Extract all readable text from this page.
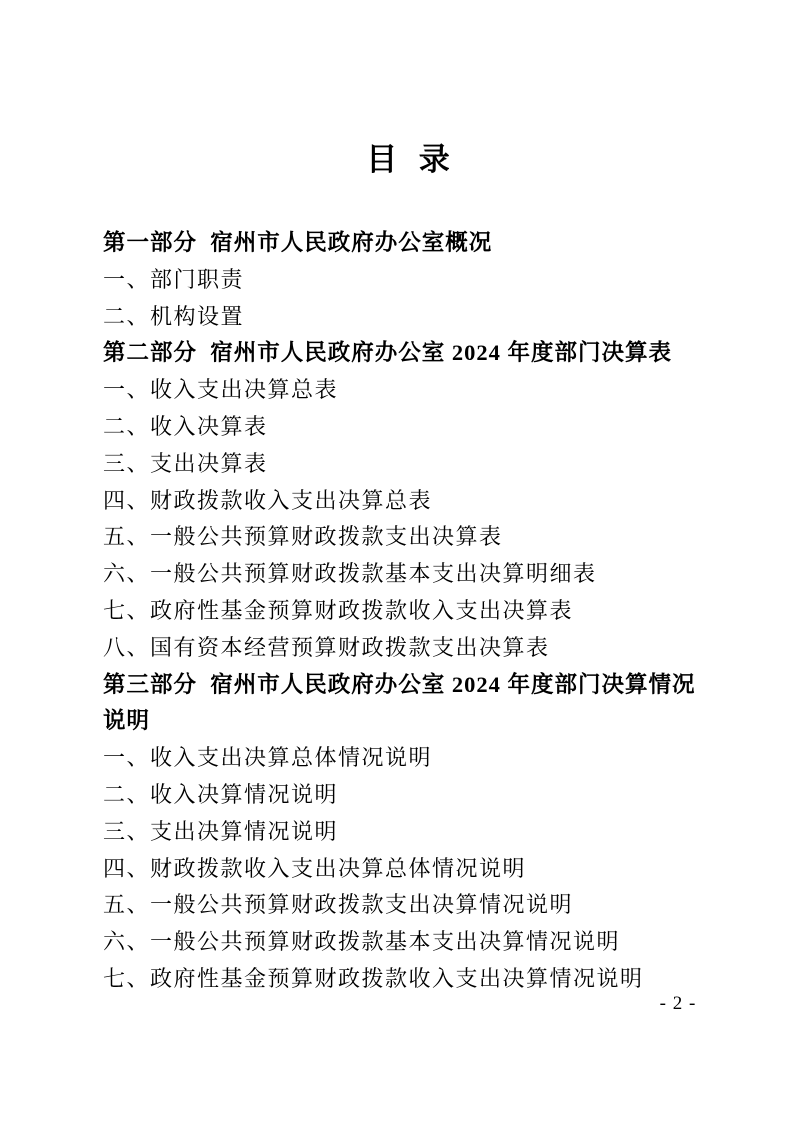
目  录
第一部分  宿州市人民政府办公室概况
一、部门职责
二、机构设置
第二部分  宿州市人民政府办公室 2024 年度部门决算表
一、收入支出决算总表
二、收入决算表
三、支出决算表
四、财政拨款收入支出决算总表
五、一般公共预算财政拨款支出决算表
六、一般公共预算财政拨款基本支出决算明细表
七、政府性基金预算财政拨款收入支出决算表
八、国有资本经营预算财政拨款支出决算表
第三部分  宿州市人民政府办公室 2024 年度部门决算情况
说明
一、收入支出决算总体情况说明
二、收入决算情况说明
三、支出决算情况说明
四、财政拨款收入支出决算总体情况说明
五、一般公共预算财政拨款支出决算情况说明
六、一般公共预算财政拨款基本支出决算情况说明
七、政府性基金预算财政拨款收入支出决算情况说明
- 2 -
